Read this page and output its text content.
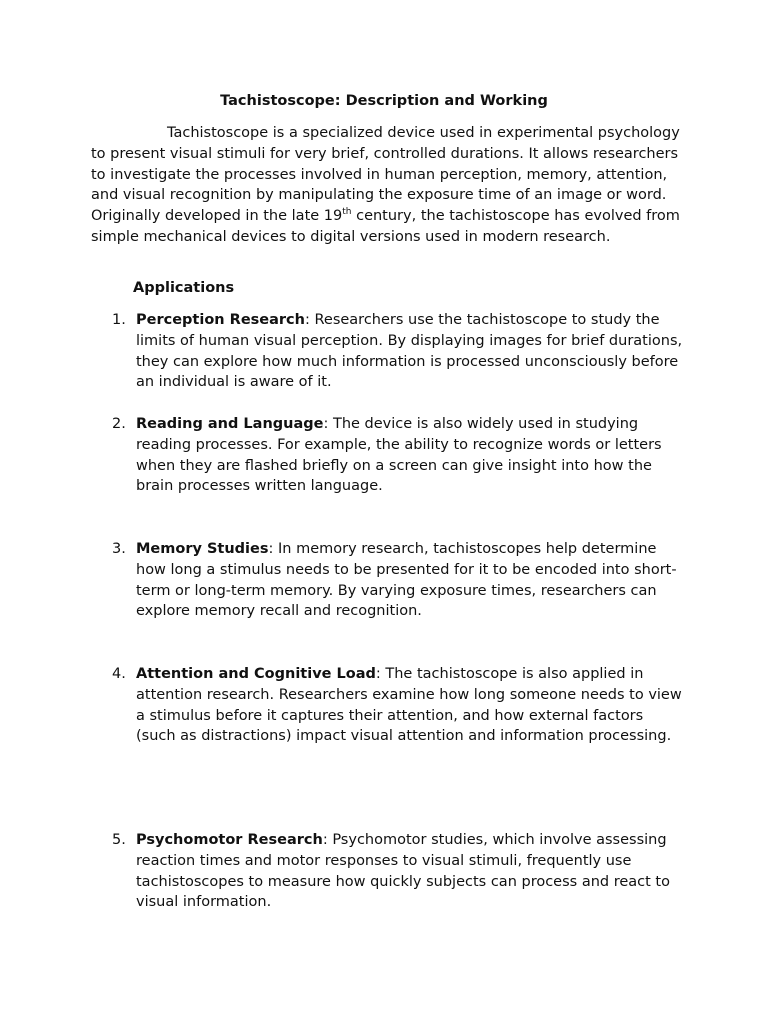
Tachistoscope: Description and Working

Tachistoscope is a specialized device used in experimental psychology to present visual stimuli for very brief, controlled durations. It allows researchers to investigate the processes involved in human perception, memory, attention, and visual recognition by manipulating the exposure time of an image or word. Originally developed in the late 19th century, the tachistoscope has evolved from simple mechanical devices to digital versions used in modern research.

Applications
1. Perception Research: Researchers use the tachistoscope to study the limits of human visual perception. By displaying images for brief durations, they can explore how much information is processed unconsciously before an individual is aware of it.
2. Reading and Language: The device is also widely used in studying reading processes. For example, the ability to recognize words or letters when they are flashed briefly on a screen can give insight into how the brain processes written language.
3. Memory Studies: In memory research, tachistoscopes help determine how long a stimulus needs to be presented for it to be encoded into short-term or long-term memory. By varying exposure times, researchers can explore memory recall and recognition.
4. Attention and Cognitive Load: The tachistoscope is also applied in attention research. Researchers examine how long someone needs to view a stimulus before it captures their attention, and how external factors (such as distractions) impact visual attention and information processing.
5. Psychomotor Research: Psychomotor studies, which involve assessing reaction times and motor responses to visual stimuli, frequently use tachistoscopes to measure how quickly subjects can process and react to visual information.
